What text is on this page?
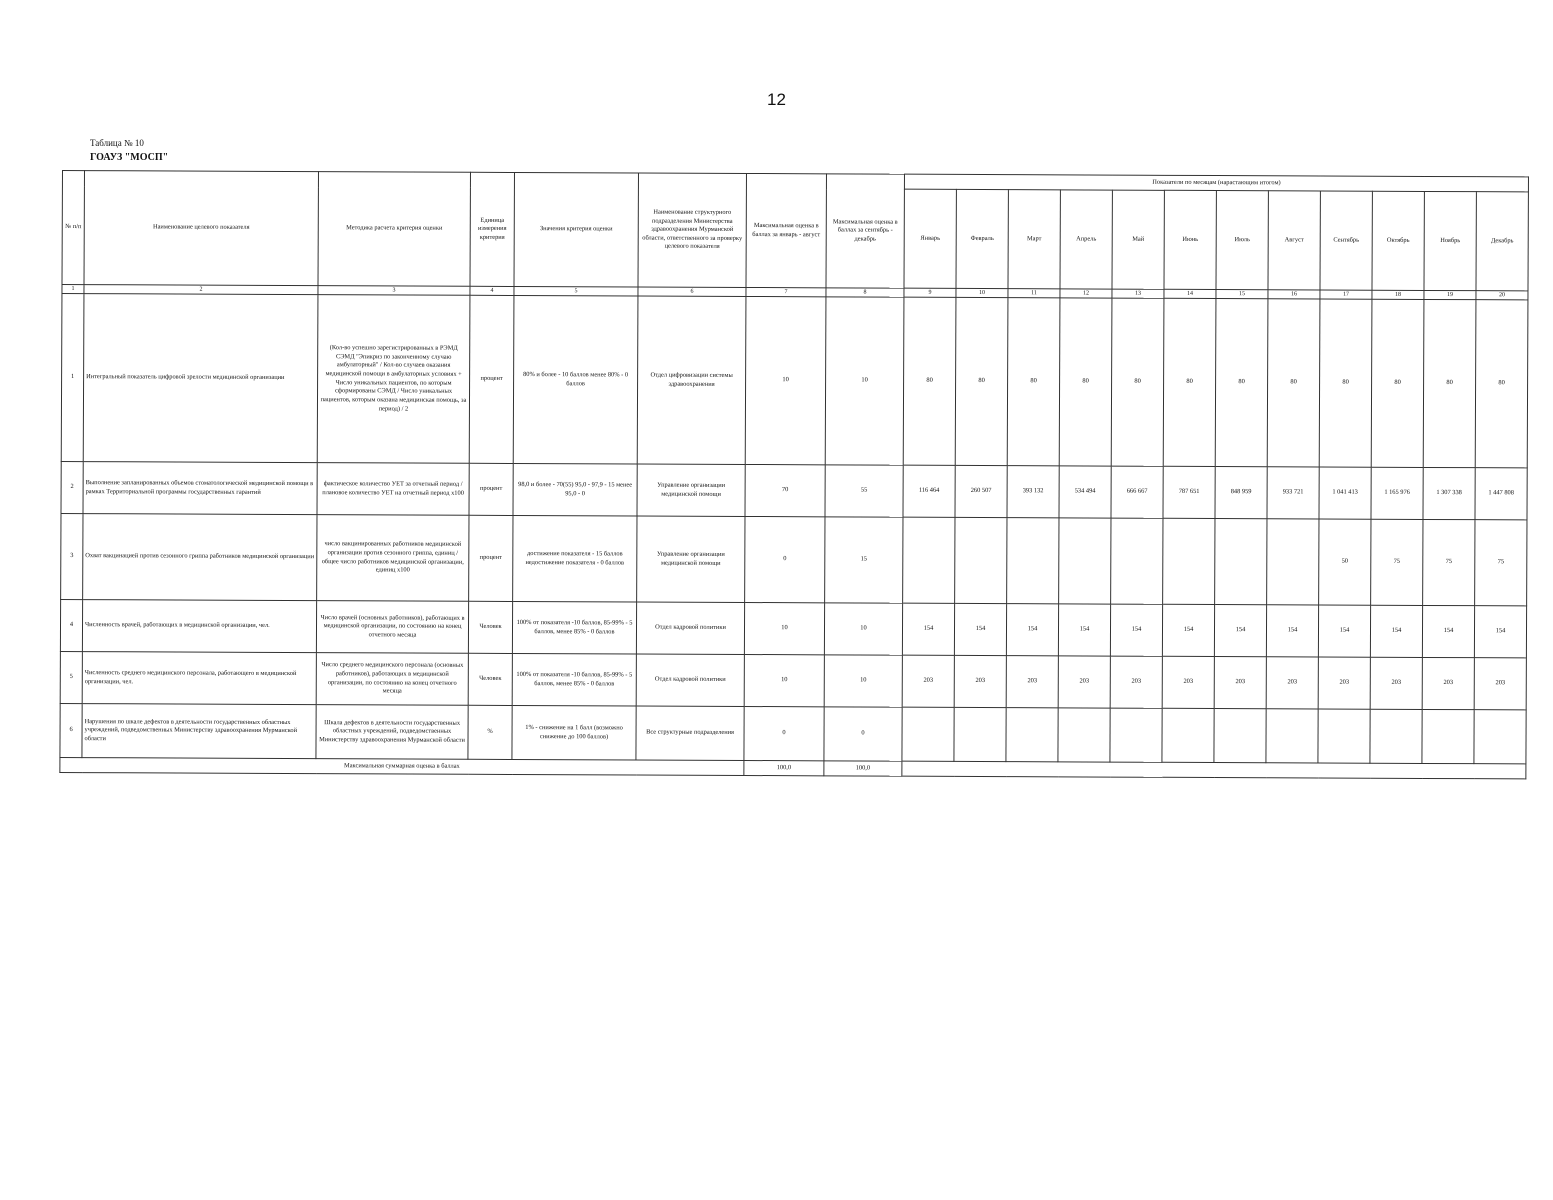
12
Таблица № 10
ГОАУЗ "МОСП"
№ п/п	Наименование целевого показателя	Методика расчета критерия оценки	Единица измерения критерия	Значения критерия оценки	Наименование структурного подразделения Министерства здравоохранения Мурманской области, ответственного за проверку целевого показателя	Максимальная оценка в баллах за январь - август	Максимальная оценка в баллах за сентябрь - декабрь	Показатели по месяцам (нарастающим итогом)											
								Январь	Февраль	Март	Апрель	Май	Июнь	Июль	Август	Сентябрь	Октябрь	Ноябрь	Декабрь
1	2	3	4	5	6	7	8	9	10	11	12	13	14	15	16	17	18	19	20
1	Интегральный показатель цифровой зрелости медицинской организации	(Кол-во успешно зарегистрированных в РЭМД СЭМД "Эпикриз по законченному случаю амбулаторный" / Кол-во случаев оказания медицинской помощи в амбулаторных условиях + Число уникальных пациентов, по которым сформированы СЭМД / Число уникальных пациентов, которым оказана медицинская помощь, за период) / 2	процент	80% и более - 10 баллов менее 80% - 0 баллов	Отдел цифровизации системы здравоохранения	10	10	80	80	80	80	80	80	80	80	80	80	80	80
2	Выполнение запланированных объемов стоматологической медицинской помощи в рамках Территориальной программы государственных гарантий	фактическое количество УЕТ за отчетный период / плановое количество УЕТ на отчетный период x100	процент	98,0 и более - 70(55) 95,0 - 97,9 - 15 менее 95,0 - 0	Управление организации медицинской помощи	70	55	116 464	260 507	393 132	534 494	666 667	787 651	848 959	933 721	1 041 413	1 165 976	1 307 338	1 447 808
3	Охват вакцинацией против сезонного гриппа работников медицинской организации	число вакцинированных работников медицинской организации против сезонного гриппа, единиц / общее число работников медицинской организации, единиц x100	процент	достижение показателя - 15 баллов недостижение показателя - 0 баллов	Управление организации медицинской помощи	0	15									50	75	75	75
4	Численность врачей, работающих в медицинской организации, чел.	Число врачей (основных работников), работающих в медицинской организации, по состоянию на конец отчетного месяца	Человек	100% от показателя -10 баллов, 85-99% - 5 баллов, менее 85% - 0 баллов	Отдел кадровой политики	10	10	154	154	154	154	154	154	154	154	154	154	154	154
5	Численность среднего медицинского персонала, работающего в медицинской организации, чел.	Число среднего медицинского персонала (основных работников), работающих в медицинской организации, по состоянию на конец отчетного месяца	Человек	100% от показателя -10 баллов, 85-99% - 5 баллов, менее 85% - 0 баллов	Отдел кадровой политики	10	10	203	203	203	203	203	203	203	203	203	203	203	203
6	Нарушения по шкале дефектов в деятельности государственных областных учреждений, подведомственных Министерству здравоохранения Мурманской области	Шкала дефектов в деятельности государственных областных учреждений, подведомственных Министерству здравоохранения Мурманской области	%	1% - снижение на 1 балл (возможно снижение до 100 баллов)	Все структурные подразделения	0	0												
Максимальная суммарная оценка в баллах						100,0	100,0												
